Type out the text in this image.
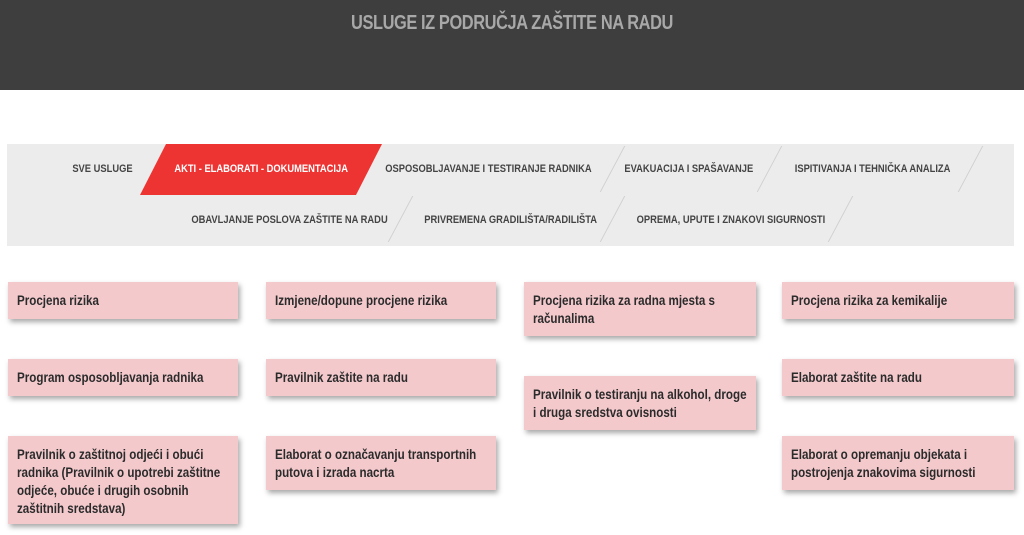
USLUGE IZ PODRUČJA ZAŠTITE NA RADU
SVE USLUGE	AKTI - ELABORATI - DOKUMENTACIJA	OSPOSOBLJAVANJE I TESTIRANJE RADNIKA	EVAKUACIJA I SPAŠAVANJE	ISPITIVANJA I TEHNIČKA ANALIZA
OBAVLJANJE POSLOVA ZAŠTITE NA RADU	PRIVREMENA GRADILIŠTA/RADILIŠTA	OPREMA, UPUTE I ZNAKOVI SIGURNOSTI
Procjena rizika
Program osposobljavanja radnika
Pravilnik o zaštitnoj odjeći i obući radnika (Pravilnik o upotrebi zaštitne odjeće, obuće i drugih osobnih zaštitnih sredstava)
Izmjene/dopune procjene rizika
Pravilnik zaštite na radu
Elaborat o označavanju transportnih putova i izrada nacrta
Procjena rizika za radna mjesta s računalima
Pravilnik o testiranju na alkohol, droge i druga sredstva ovisnosti
Procjena rizika za kemikalije
Elaborat zaštite na radu
Elaborat o opremanju objekata i postrojenja znakovima sigurnosti
